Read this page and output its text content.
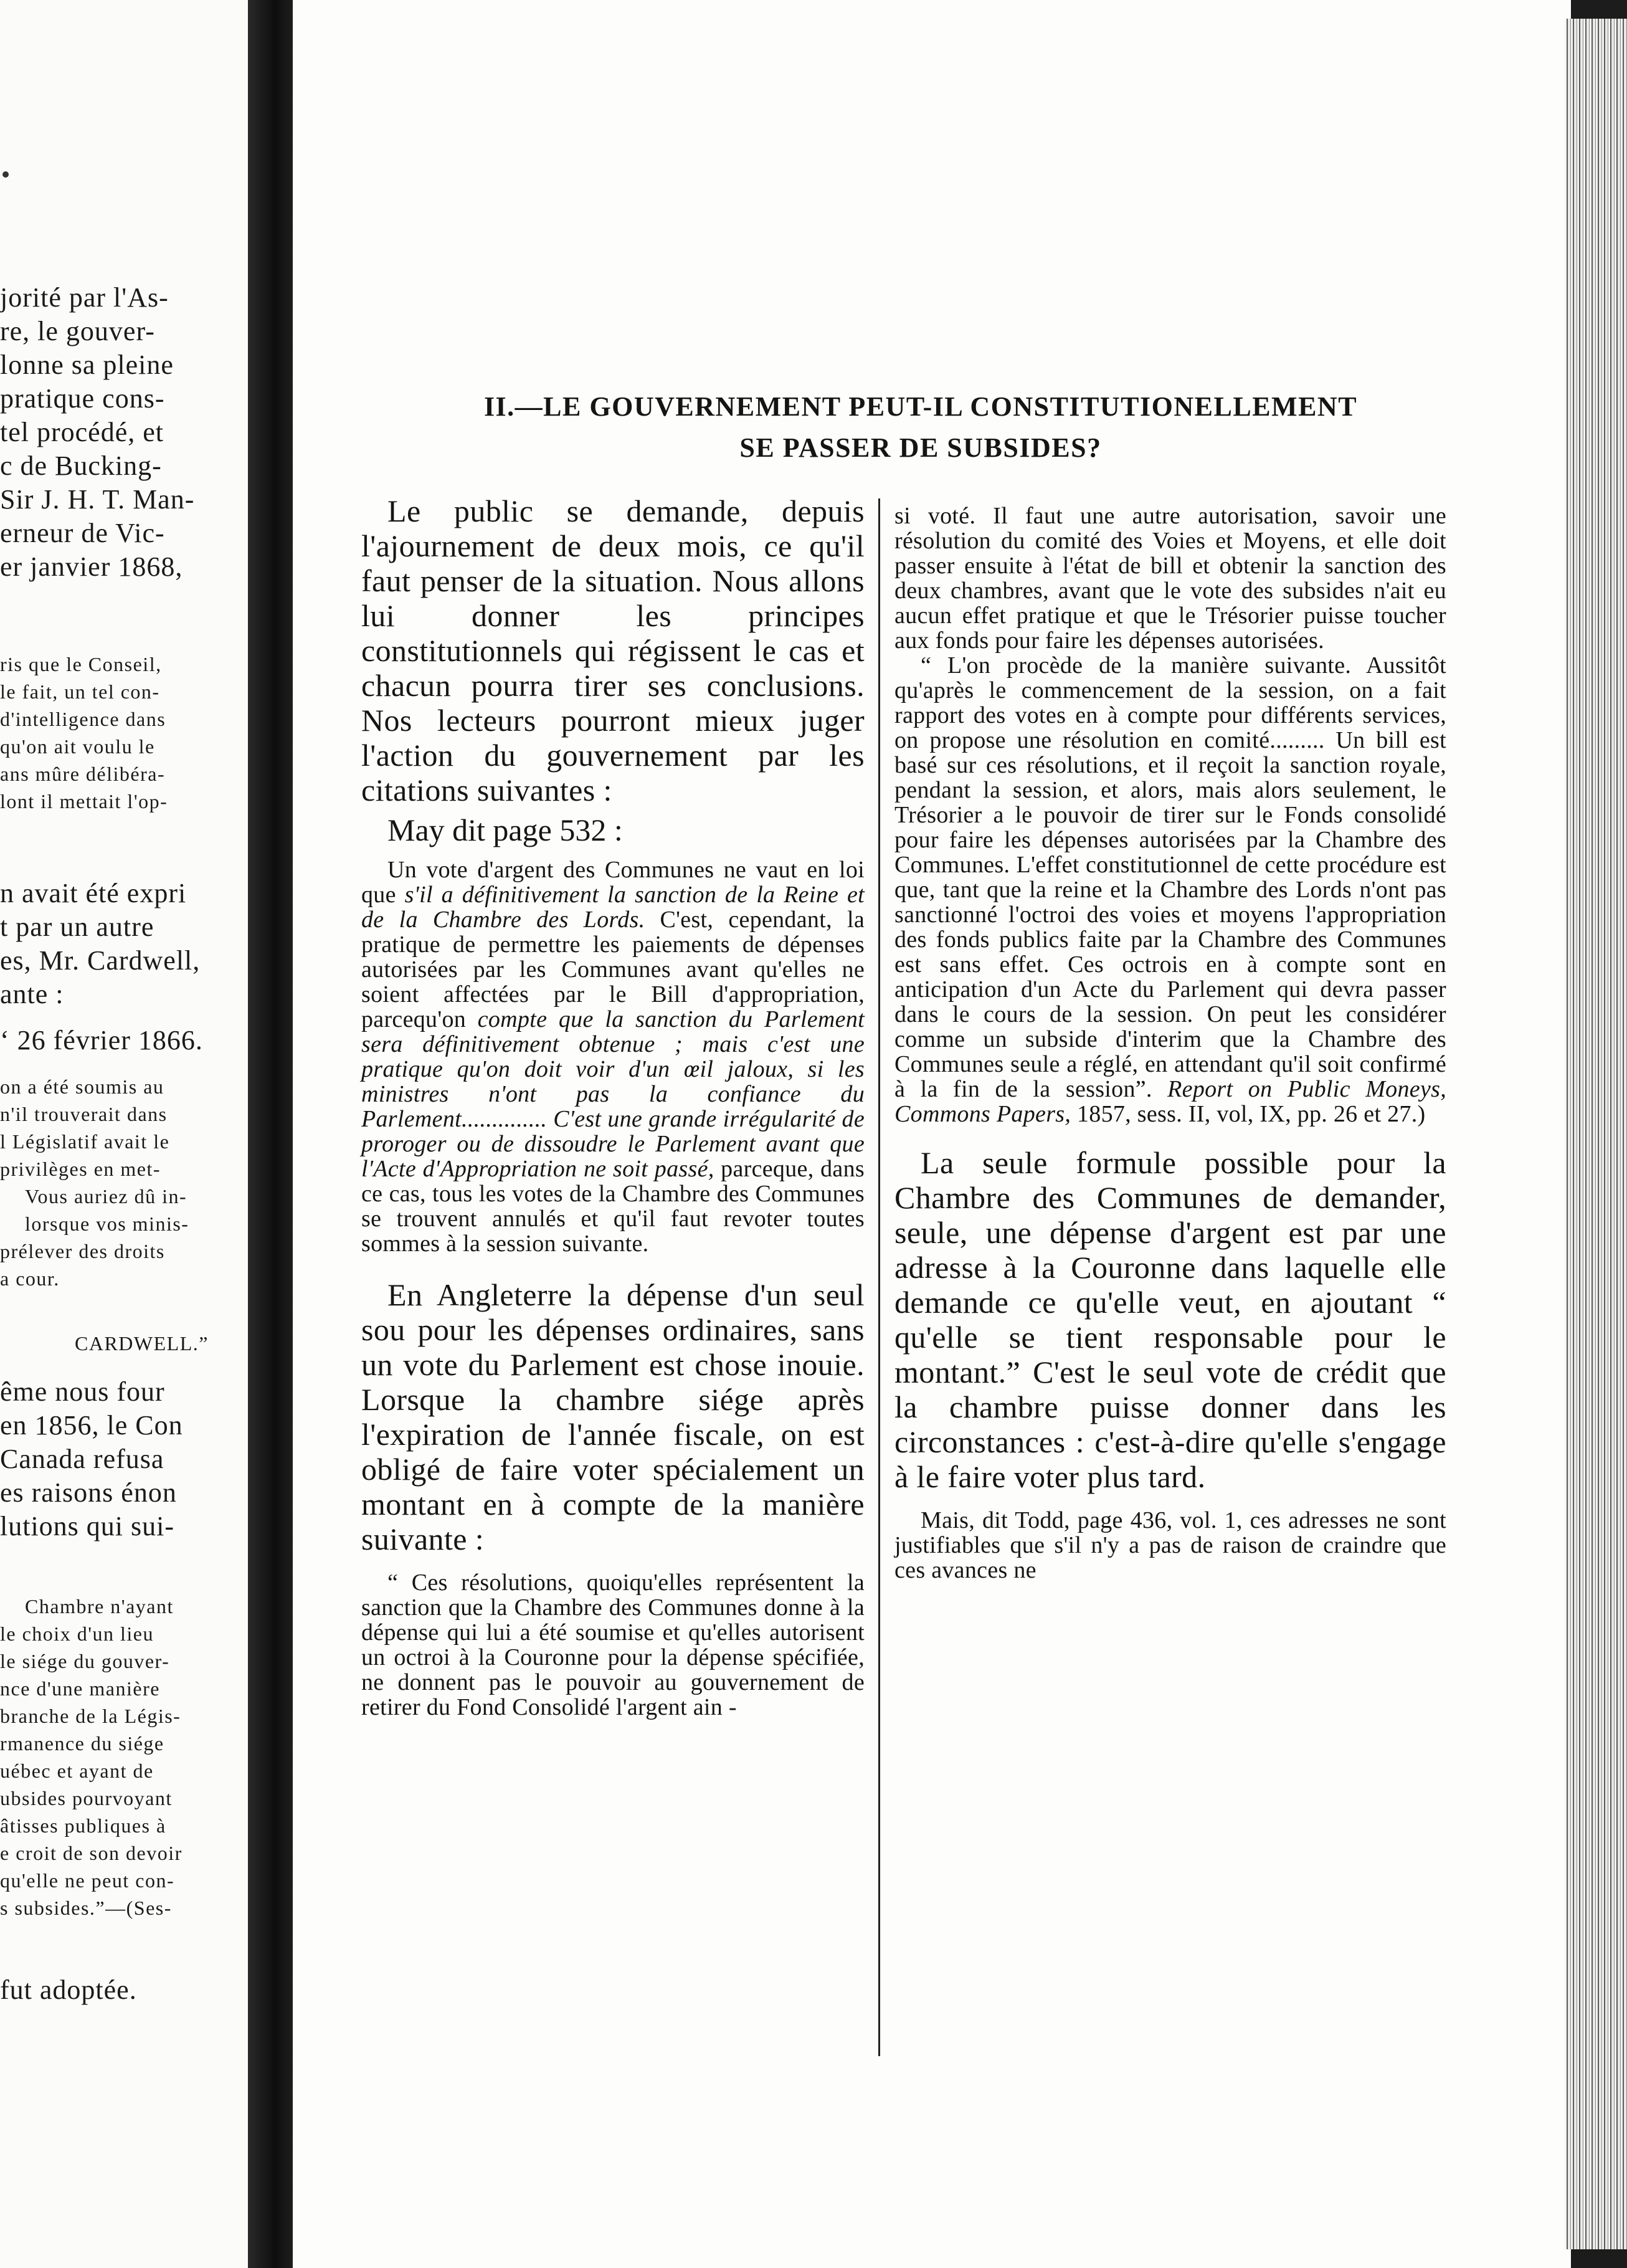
jorité par l'As-
re, le gouver-
lonne sa pleine
pratique cons-
tel procédé, et
c de Bucking-
Sir J. H. T. Man-
erneur de Vic-
er janvier 1868,
ris que le Conseil,
le fait, un tel con-
d'intelligence dans
qu'on ait voulu le
ans mûre délibéra-
lont il mettait l'op-
n avait été expri
t par un autre
es, Mr. Cardwell,
ante :
‘ 26 février 1866.
on a été soumis au
n'il trouverait dans
l Législatif avait le
privilèges en met-
Vous auriez dû in-
lorsque vos minis-
prélever des droits
a cour.
CARDWELL.”
ême nous four
en 1856, le Con
Canada refusa
es raisons énon
lutions qui sui-
Chambre n'ayant
le choix d'un lieu
le siége du gouver-
nce d'une manière
branche de la Légis-
rmanence du siége
uébec et ayant de
ubsides pourvoyant
âtisses publiques à
e croit de son devoir
qu'elle ne peut con-
s subsides.”—(Ses-
fut adoptée.
II.—LE GOUVERNEMENT PEUT-IL CONSTITUTIONELLEMENT
SE PASSER DE SUBSIDES?

Le public se demande, depuis l'ajournement de deux mois, ce qu'il faut penser de la situation. Nous allons lui donner les principes constitutionnels qui régissent le cas et chacun pourra tirer ses conclusions. Nos lecteurs pourront mieux juger l'action du gouvernement par les citations suivantes :

May dit page 532 :

Un vote d'argent des Communes ne vaut en loi que s'il a définitivement la sanction de la Reine et de la Chambre des Lords. C'est, cependant, la pratique de permettre les paiements de dépenses autorisées par les Communes avant qu'elles ne soient affectées par le Bill d'appropriation, parcequ'on compte que la sanction du Parlement sera définitivement obtenue ; mais c'est une pratique qu'on doit voir d'un œil jaloux, si les ministres n'ont pas la confiance du Parlement.............. C'est une grande irrégularité de proroger ou de dissoudre le Parlement avant que l'Acte d'Appropriation ne soit passé, parceque, dans ce cas, tous les votes de la Chambre des Communes se trouvent annulés et qu'il faut revoter toutes sommes à la session suivante.

En Angleterre la dépense d'un seul sou pour les dépenses ordinaires, sans un vote du Parlement est chose inouie. Lorsque la chambre siége après l'expiration de l'année fiscale, on est obligé de faire voter spécialement un montant en à compte de la manière suivante :

“ Ces résolutions, quoiqu'elles représentent la sanction que la Chambre des Communes donne à la dépense qui lui a été soumise et qu'elles autorisent un octroi à la Couronne pour la dépense spécifiée, ne donnent pas le pouvoir au gouvernement de retirer du Fond Consolidé l'argent ain -

si voté. Il faut une autre autorisation, savoir une résolution du comité des Voies et Moyens, et elle doit passer ensuite à l'état de bill et obtenir la sanction des deux chambres, avant que le vote des subsides n'ait eu aucun effet pratique et que le Trésorier puisse toucher aux fonds pour faire les dépenses autorisées.

“ L'on procède de la manière suivante. Aussitôt qu'après le commencement de la session, on a fait rapport des votes en à compte pour différents services, on propose une résolution en comité......... Un bill est basé sur ces résolutions, et il reçoit la sanction royale, pendant la session, et alors, mais alors seulement, le Trésorier a le pouvoir de tirer sur le Fonds consolidé pour faire les dépenses autorisées par la Chambre des Communes. L'effet constitutionnel de cette procédure est que, tant que la reine et la Chambre des Lords n'ont pas sanctionné l'octroi des voies et moyens l'appropriation des fonds publics faite par la Chambre des Communes est sans effet. Ces octrois en à compte sont en anticipation d'un Acte du Parlement qui devra passer dans le cours de la session. On peut les considérer comme un subside d'interim que la Chambre des Communes seule a réglé, en attendant qu'il soit confirmé à la fin de la session”. Report on Public Moneys, Commons Papers, 1857, sess. II, vol, IX, pp. 26 et 27.)

La seule formule possible pour la Chambre des Communes de demander, seule, une dépense d'argent est par une adresse à la Couronne dans laquelle elle demande ce qu'elle veut, en ajoutant “ qu'elle se tient responsable pour le montant.” C'est le seul vote de crédit que la chambre puisse donner dans les circonstances : c'est-à-dire qu'elle s'engage à le faire voter plus tard.

Mais, dit Todd, page 436, vol. 1, ces adresses ne sont justifiables que s'il n'y a pas de raison de craindre que ces avances ne
